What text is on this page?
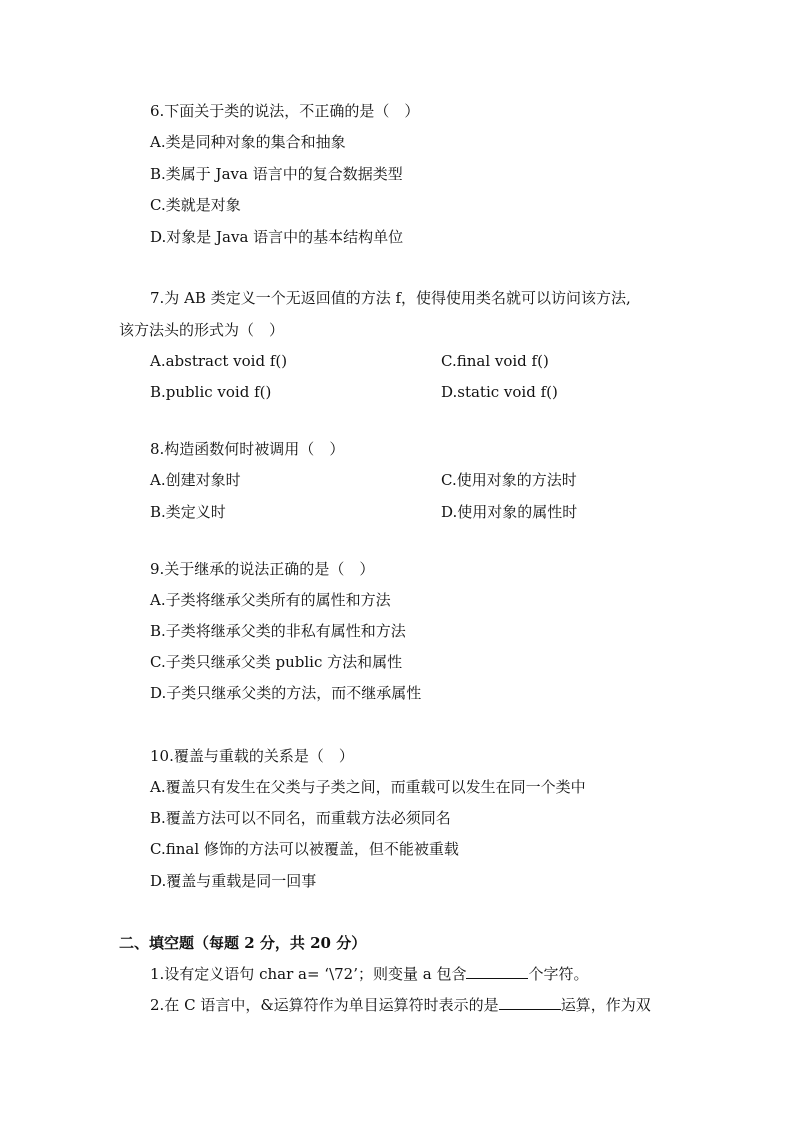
6.下面关于类的说法，不正确的是（　）
A.类是同种对象的集合和抽象
B.类属于 Java 语言中的复合数据类型
C.类就是对象
D.对象是 Java 语言中的基本结构单位
7.为 AB 类定义一个无返回值的方法 f，使得使用类名就可以访问该方法,
该方法头的形式为（　）
A.abstract void f()	C.final void f()
B.public void f()	D.static void f()
8.构造函数何时被调用（　）
A.创建对象时	C.使用对象的方法时
B.类定义时	D.使用对象的属性时
9.关于继承的说法正确的是（　）
A.子类将继承父类所有的属性和方法
B.子类将继承父类的非私有属性和方法
C.子类只继承父类 public 方法和属性
D.子类只继承父类的方法，而不继承属性
10.覆盖与重载的关系是（　）
A.覆盖只有发生在父类与子类之间，而重载可以发生在同一个类中
B.覆盖方法可以不同名，而重载方法必须同名
C.final 修饰的方法可以被覆盖，但不能被重载
D.覆盖与重载是同一回事
二、填空题（每题 2 分，共 20 分）
1.设有定义语句 char a= ‘\72’；则变量 a 包含	个字符。
2.在 C 语言中，&运算符作为单目运算符时表示的是	运算，作为双
